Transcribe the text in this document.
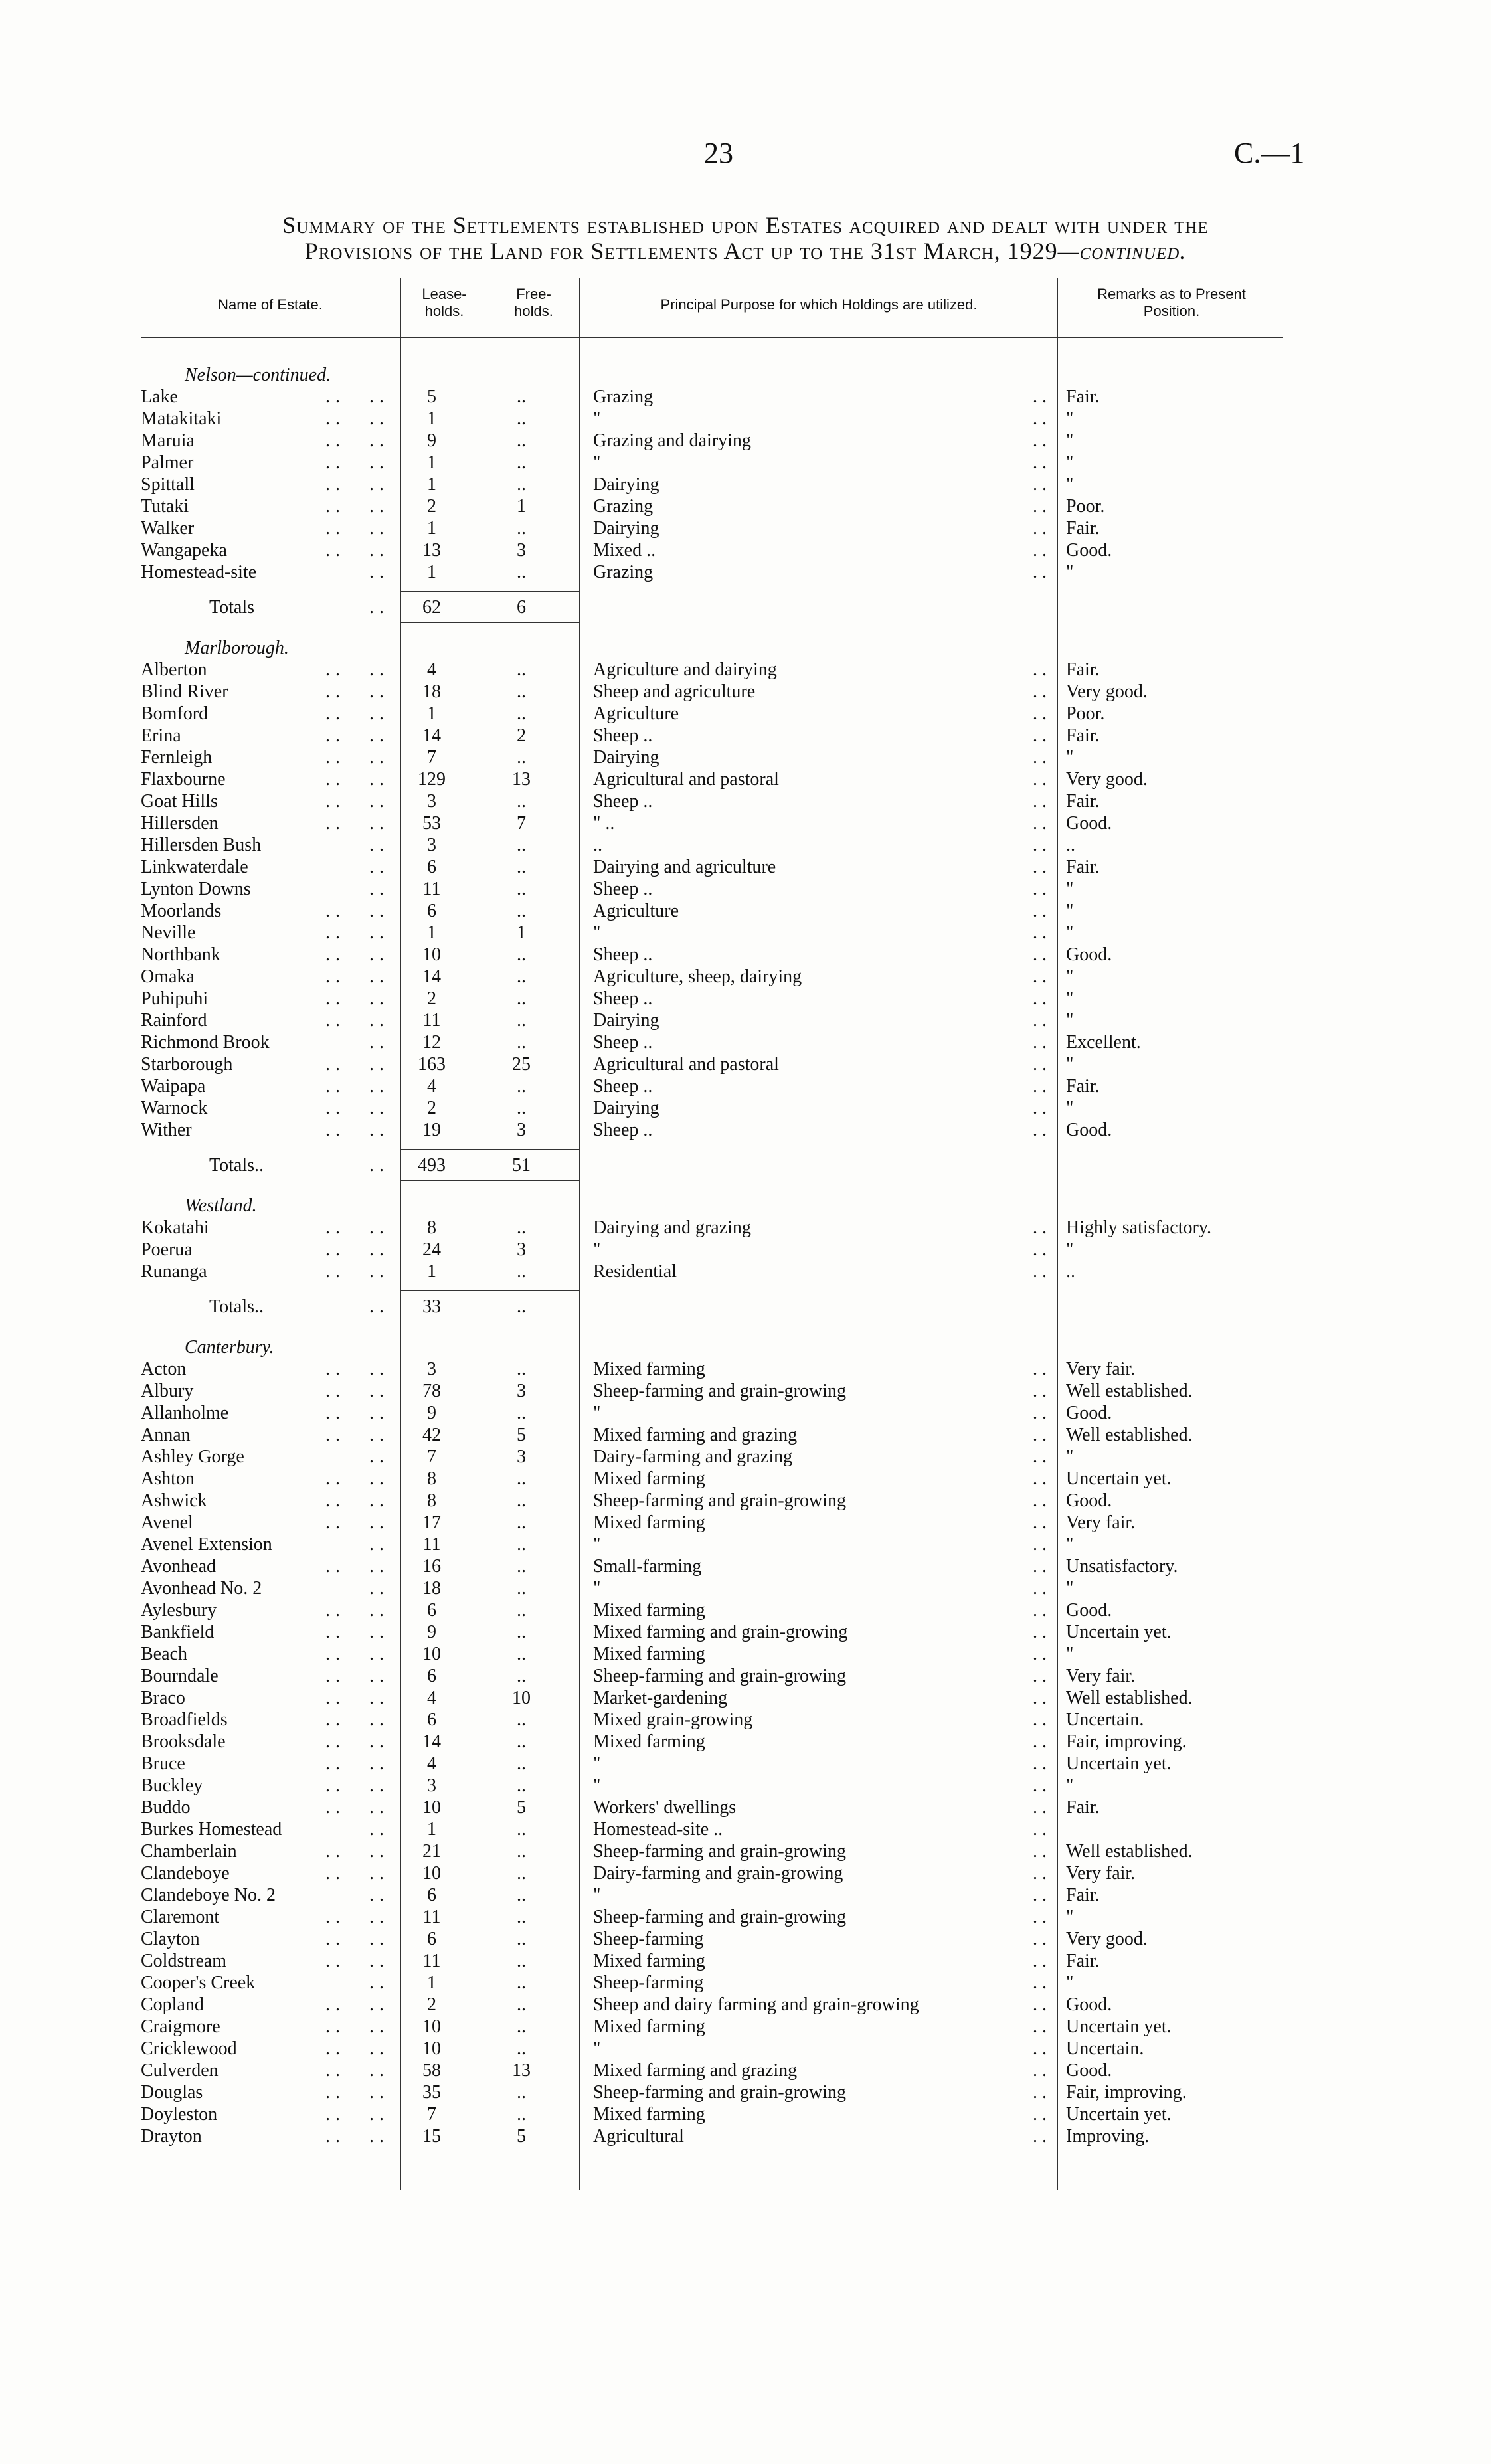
23	C.—1
Summary of the Settlements established upon Estates acquired and dealt with under the
Provisions of the Land for Settlements Act up to the 31st March, 1929—continued.
Name of Estate.
Lease-
holds.
Free-
holds.	Principal Purpose for which Holdings are utilized.
Remarks as to Present
Position.
Nelson—continued.
Lake	.. ..	5	..	Grazing	.. Fair.
Matakitaki	.. ..	1	..	"	.. "
Maruia	.. ..	9	..	Grazing and dairying	.. "
Palmer	.. ..	1	..	"	.. "
Spittall	.. ..	1	..	Dairying	.. "
Tutaki	.. ..	2	1	Grazing	.. Poor.
Walker	.. ..	1	..	Dairying	.. Fair.
Wangapeka	.. ..	13	3	Mixed ..	.. Good.
Homestead-site	..	1	..	Grazing	.. "
Totals	..	62	6
Marlborough.
Alberton	.. ..	4	..	Agriculture and dairying	.. Fair.
Blind River	.. ..	18	..	Sheep and agriculture	.. Very good.
Bomford	.. ..	1	..	Agriculture	.. Poor.
Erina	.. ..	14	2	Sheep ..	.. Fair.
Fernleigh	.. ..	7	..	Dairying	.. "
Flaxbourne	.. ..	129	13	Agricultural and pastoral	.. Very good.
Goat Hills	.. ..	3	..	Sheep ..	.. Fair.
Hillersden	.. ..	53	7	" ..	.. Good.
Hillersden Bush	..	3	..	..	.. ..
Linkwaterdale	..	6	..	Dairying and agriculture	.. Fair.
Lynton Downs	..	11	..	Sheep ..	.. "
Moorlands	.. ..	6	..	Agriculture	.. "
Neville	.. ..	1	1	"	.. "
Northbank	.. ..	10	..	Sheep ..	.. Good.
Omaka	.. ..	14	..	Agriculture, sheep, dairying	.. "
Puhipuhi	.. ..	2	..	Sheep ..	.. "
Rainford	.. ..	11	..	Dairying	.. "
Richmond Brook	..	12	..	Sheep ..	.. Excellent.
Starborough	.. ..	163	25	Agricultural and pastoral	.. "
Waipapa	.. ..	4	..	Sheep ..	.. Fair.
Warnock	.. ..	2	..	Dairying	.. "
Wither	.. ..	19	3	Sheep ..	.. Good.
Totals..	..	493	51
Westland.
Kokatahi	.. ..	8	..	Dairying and grazing	.. Highly satisfactory.
Poerua	.. ..	24	3	"	.. "
Runanga	.. ..	1	..	Residential	.. ..
Totals..	..	33	..
Canterbury.
Acton	.. ..	3	..	Mixed farming	.. Very fair.
Albury	.. ..	78	3	Sheep-farming and grain-growing	.. Well established.
Allanholme	.. ..	9	..	"	.. Good.
Annan	.. ..	42	5	Mixed farming and grazing	.. Well established.
Ashley Gorge	..	7	3	Dairy-farming and grazing	.. "
Ashton	.. ..	8	..	Mixed farming	.. Uncertain yet.
Ashwick	.. ..	8	..	Sheep-farming and grain-growing	.. Good.
Avenel	.. ..	17	..	Mixed farming	.. Very fair.
Avenel Extension	..	11	..	"	.. "
Avonhead	.. ..	16	..	Small-farming	.. Unsatisfactory.
Avonhead No. 2	..	18	..	"	.. "
Aylesbury	.. ..	6	..	Mixed farming	.. Good.
Bankfield	.. ..	9	..	Mixed farming and grain-growing	.. Uncertain yet.
Beach	.. ..	10	..	Mixed farming	.. "
Bourndale	.. ..	6	..	Sheep-farming and grain-growing	.. Very fair.
Braco	.. ..	4	10	Market-gardening	.. Well established.
Broadfields	.. ..	6	..	Mixed grain-growing	.. Uncertain.
Brooksdale	.. ..	14	..	Mixed farming	.. Fair, improving.
Bruce	.. ..	4	..	"	.. Uncertain yet.
Buckley	.. ..	3	..	"	.. "
Buddo	.. ..	10	5	Workers' dwellings	.. Fair.
Burkes Homestead	..	1	..	Homestead-site ..	..
Chamberlain	.. ..	21	..	Sheep-farming and grain-growing	.. Well established.
Clandeboye	.. ..	10	..	Dairy-farming and grain-growing	.. Very fair.
Clandeboye No. 2	..	6	..	"	.. Fair.
Claremont	.. ..	11	..	Sheep-farming and grain-growing	.. "
Clayton	.. ..	6	..	Sheep-farming	.. Very good.
Coldstream	.. ..	11	..	Mixed farming	.. Fair.
Cooper's Creek	..	1	..	Sheep-farming	.. "
Copland	.. ..	2	..	Sheep and dairy farming and grain-growing	.. Good.
Craigmore	.. ..	10	..	Mixed farming	.. Uncertain yet.
Cricklewood	.. ..	10	..	"	.. Uncertain.
Culverden	.. ..	58	13	Mixed farming and grazing	.. Good.
Douglas	.. ..	35	..	Sheep-farming and grain-growing	.. Fair, improving.
Doyleston	.. ..	7	..	Mixed farming	.. Uncertain yet.
Drayton	.. ..	15	5	Agricultural	.. Improving.
